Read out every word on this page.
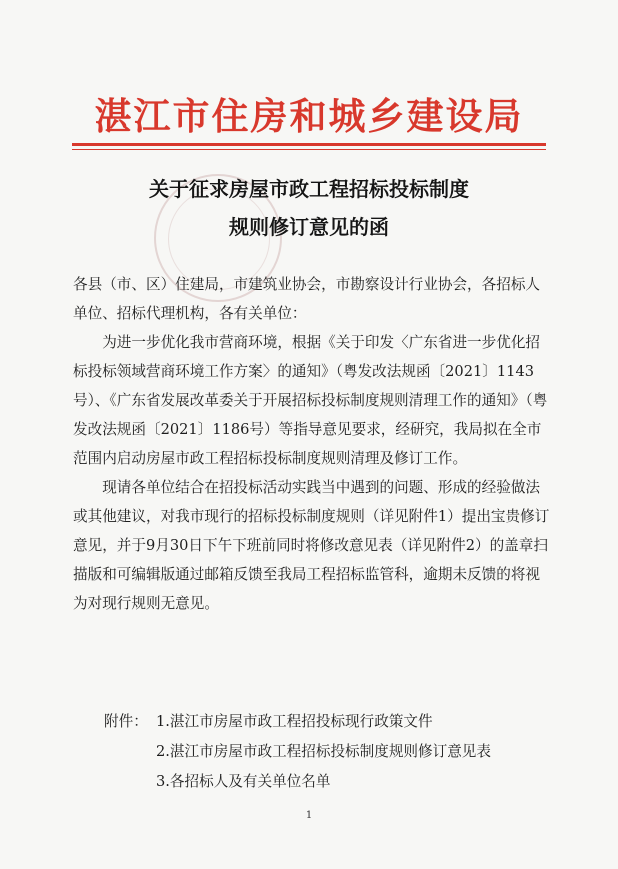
湛江市住房和城乡建设局
关于征求房屋市政工程招标投标制度
规则修订意见的函

各县（市、区）住建局，市建筑业协会，市勘察设计行业协会，各招标人单位、招标代理机构，各有关单位：

为进一步优化我市营商环境，根据《关于印发〈广东省进一步优化招标投标领域营商环境工作方案〉的通知》（粤发改法规函〔2021〕1143号）、《广东省发展改革委关于开展招标投标制度规则清理工作的通知》（粤发改法规函〔2021〕1186号）等指导意见要求，经研究，我局拟在全市范围内启动房屋市政工程招标投标制度规则清理及修订工作。

现请各单位结合在招投标活动实践当中遇到的问题、形成的经验做法或其他建议，对我市现行的招标投标制度规则（详见附件1）提出宝贵修订意见，并于9月30日下午下班前同时将修改意见表（详见附件2）的盖章扫描版和可编辑版通过邮箱反馈至我局工程招标监管科，逾期未反馈的将视为对现行规则无意见。

附件： 1.湛江市房屋市政工程招投标现行政策文件
2.湛江市房屋市政工程招标投标制度规则修订意见表
3.各招标人及有关单位名单
1
